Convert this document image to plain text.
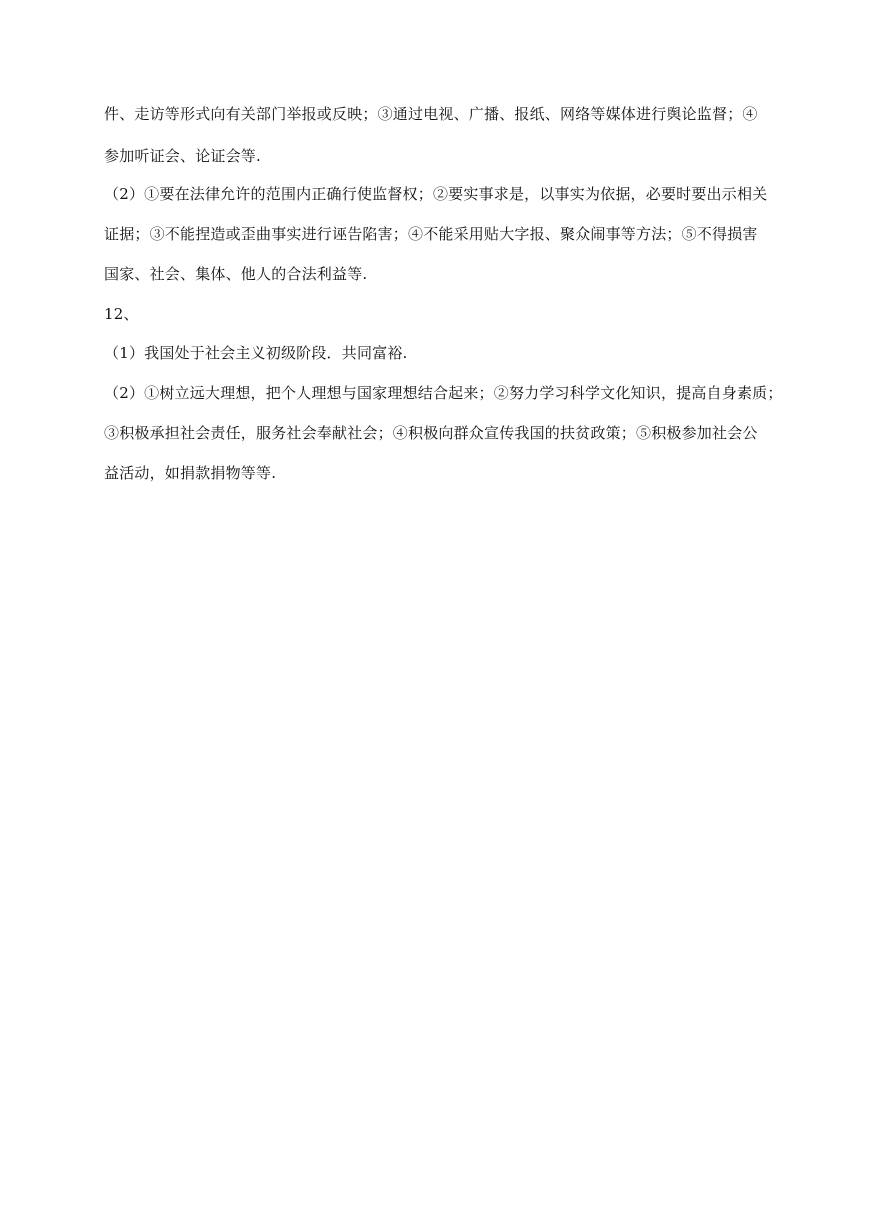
件、走访等形式向有关部门举报或反映；③通过电视、广播、报纸、网络等媒体进行舆论监督；④
参加听证会、论证会等.
（2）①要在法律允许的范围内正确行使监督权；②要实事求是，以事实为依据，必要时要出示相关
证据；③不能捏造或歪曲事实进行诬告陷害；④不能采用贴大字报、聚众闹事等方法；⑤不得损害
国家、社会、集体、他人的合法利益等.
12、
（1）我国处于社会主义初级阶段．共同富裕.
（2）①树立远大理想，把个人理想与国家理想结合起来；②努力学习科学文化知识，提高自身素质；
③积极承担社会责任，服务社会奉献社会；④积极向群众宣传我国的扶贫政策；⑤积极参加社会公
益活动，如捐款捐物等等.
